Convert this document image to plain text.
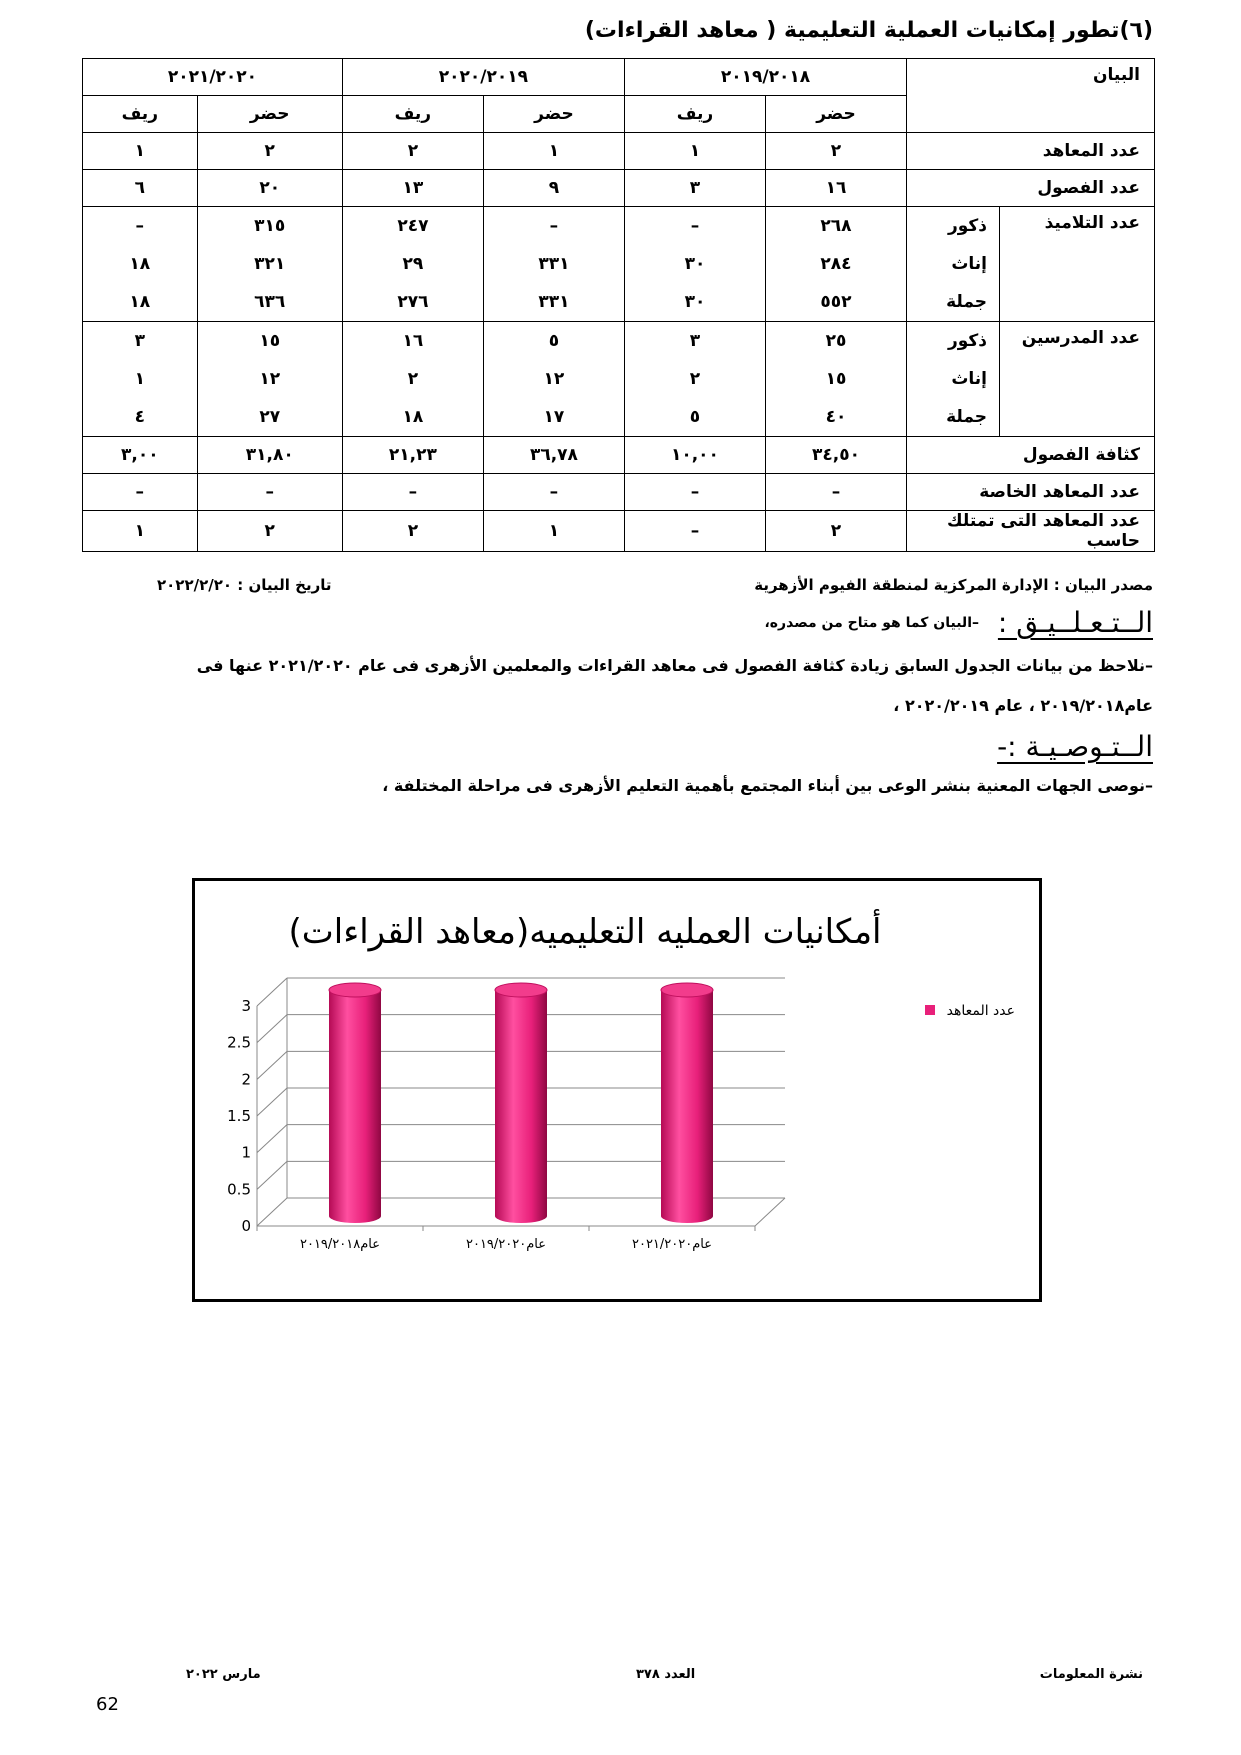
(٦)تطور إمكانيات العملية التعليمية ( معاهد القراءات)
البيان		٢٠١٩/٢٠١٨		٢٠٢٠/٢٠١٩		٢٠٢١/٢٠٢٠	
		حضر	ريف	حضر	ريف	حضر	ريف
عدد المعاهد		٢	١	١	٢	٢	١
عدد الفصول		١٦	٣	٩	١٣	٢٠	٦
عدد التلاميذ	ذكور	٢٦٨	–	–	٢٤٧	٣١٥	–
	إناث	٢٨٤	٣٠	٣٣١	٢٩	٣٢١	١٨
	جملة	٥٥٢	٣٠	٣٣١	٢٧٦	٦٣٦	١٨
عدد المدرسين	ذكور	٢٥	٣	٥	١٦	١٥	٣
	إناث	١٥	٢	١٢	٢	١٢	١
	جملة	٤٠	٥	١٧	١٨	٢٧	٤
كثافة الفصول		٣٤,٥٠	١٠,٠٠	٣٦,٧٨	٢١,٢٣	٣١,٨٠	٣,٠٠
عدد المعاهد الخاصة		–	–	–	–	–	–
عدد المعاهد التى تمتلك حاسب		٢	–	١	٢	٢	١
مصدر البيان : الإدارة المركزية لمنطقة الفيوم الأزهرية
تاريخ البيان : ٢٠٢٢/٢/٢٠
الــتـعـلــيـق :
–البيان كما هو متاح من مصدره،
–نلاحظ من بيانات الجدول السابق زيادة كثافة الفصول فى معاهد القراءات والمعلمين الأزهرى فى عام ٢٠٢١/٢٠٢٠ عنها فى
عام٢٠١٩/٢٠١٨ ، عام ٢٠٢٠/٢٠١٩ ،
الــتـوصـيـة :-
–نوصى الجهات المعنية بنشر الوعى بين أبناء المجتمع بأهمية التعليم الأزهرى فى مراحلة المختلفة ،
أمكانيات العمليه التعليميه(معاهد القراءات)
0
0.5
1
1.5
2
2.5
3
عام٢٠١٩/٢٠١٨	عام٢٠١٩/٢٠٢٠	عام٢٠٢١/٢٠٢٠
عدد المعاهد
مارس ٢٠٢٢	العدد ٣٧٨	نشرة المعلومات
62
